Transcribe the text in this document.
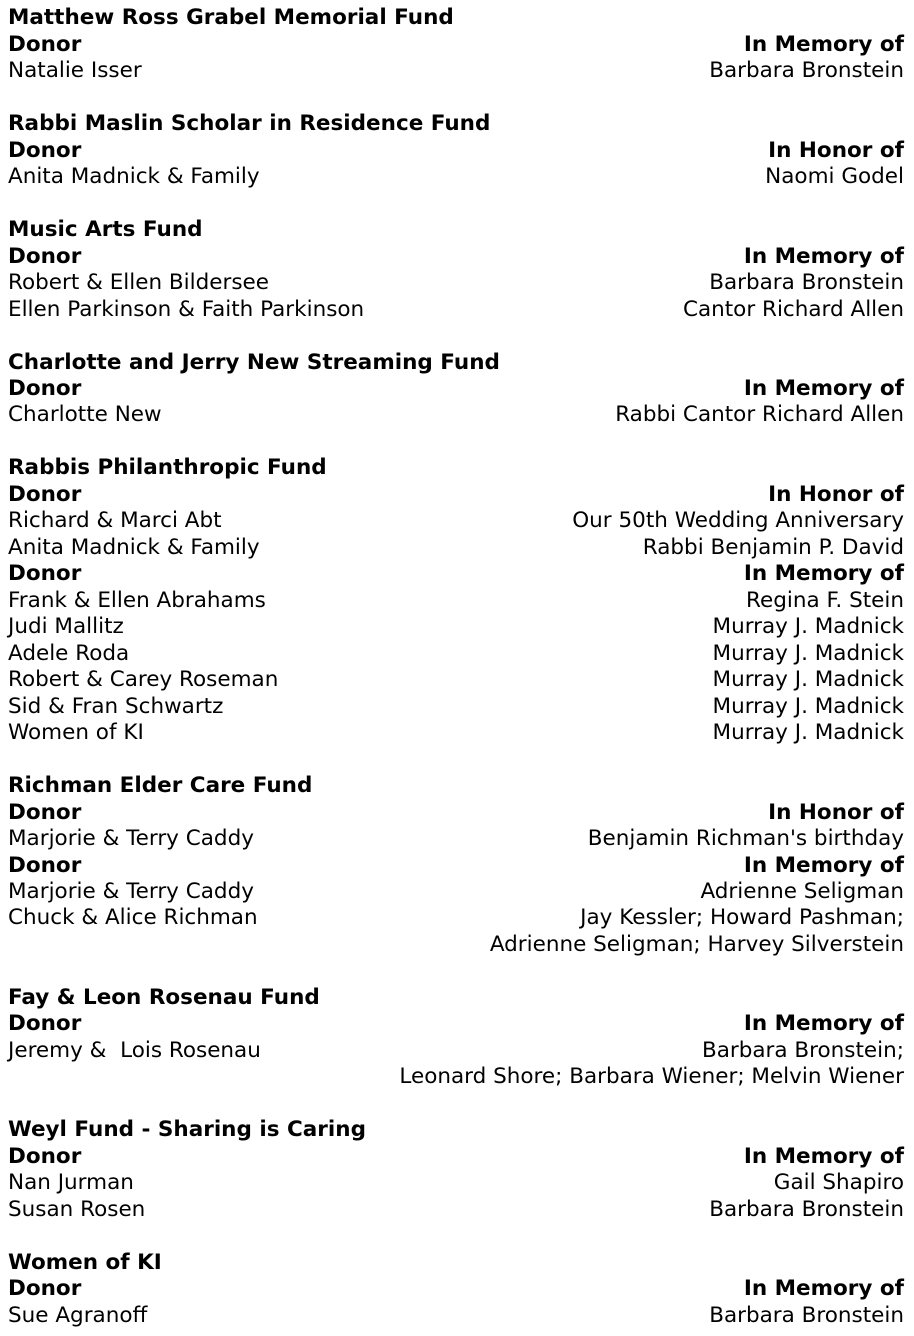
Matthew Ross Grabel Memorial Fund
Donor	In Memory of
Natalie Isser	Barbara Bronstein
Rabbi Maslin Scholar in Residence Fund
Donor	In Honor of
Anita Madnick & Family	Naomi Godel
Music Arts Fund
Donor	In Memory of
Robert & Ellen Bildersee	Barbara Bronstein
Ellen Parkinson & Faith Parkinson	Cantor Richard Allen
Charlotte and Jerry New Streaming Fund
Donor	In Memory of
Charlotte New	Rabbi Cantor Richard Allen
Rabbis Philanthropic Fund
Donor	In Honor of
Richard & Marci Abt	Our 50th Wedding Anniversary
Anita Madnick & Family	Rabbi Benjamin P. David
Donor	In Memory of
Frank & Ellen Abrahams	Regina F. Stein
Judi Mallitz	Murray J. Madnick
Adele Roda	Murray J. Madnick
Robert & Carey Roseman	Murray J. Madnick
Sid & Fran Schwartz	Murray J. Madnick
Women of KI	Murray J. Madnick
Richman Elder Care Fund
Donor	In Honor of
Marjorie & Terry Caddy	Benjamin Richman's birthday
Donor	In Memory of
Marjorie & Terry Caddy	Adrienne Seligman
Chuck & Alice Richman	Jay Kessler; Howard Pashman;
Adrienne Seligman; Harvey Silverstein
Fay & Leon Rosenau Fund
Donor	In Memory of
Jeremy &  Lois Rosenau	Barbara Bronstein;
Leonard Shore; Barbara Wiener; Melvin Wiener
Weyl Fund - Sharing is Caring
Donor	In Memory of
Nan Jurman	Gail Shapiro
Susan Rosen	Barbara Bronstein
Women of KI
Donor	In Memory of
Sue Agranoff	Barbara Bronstein
